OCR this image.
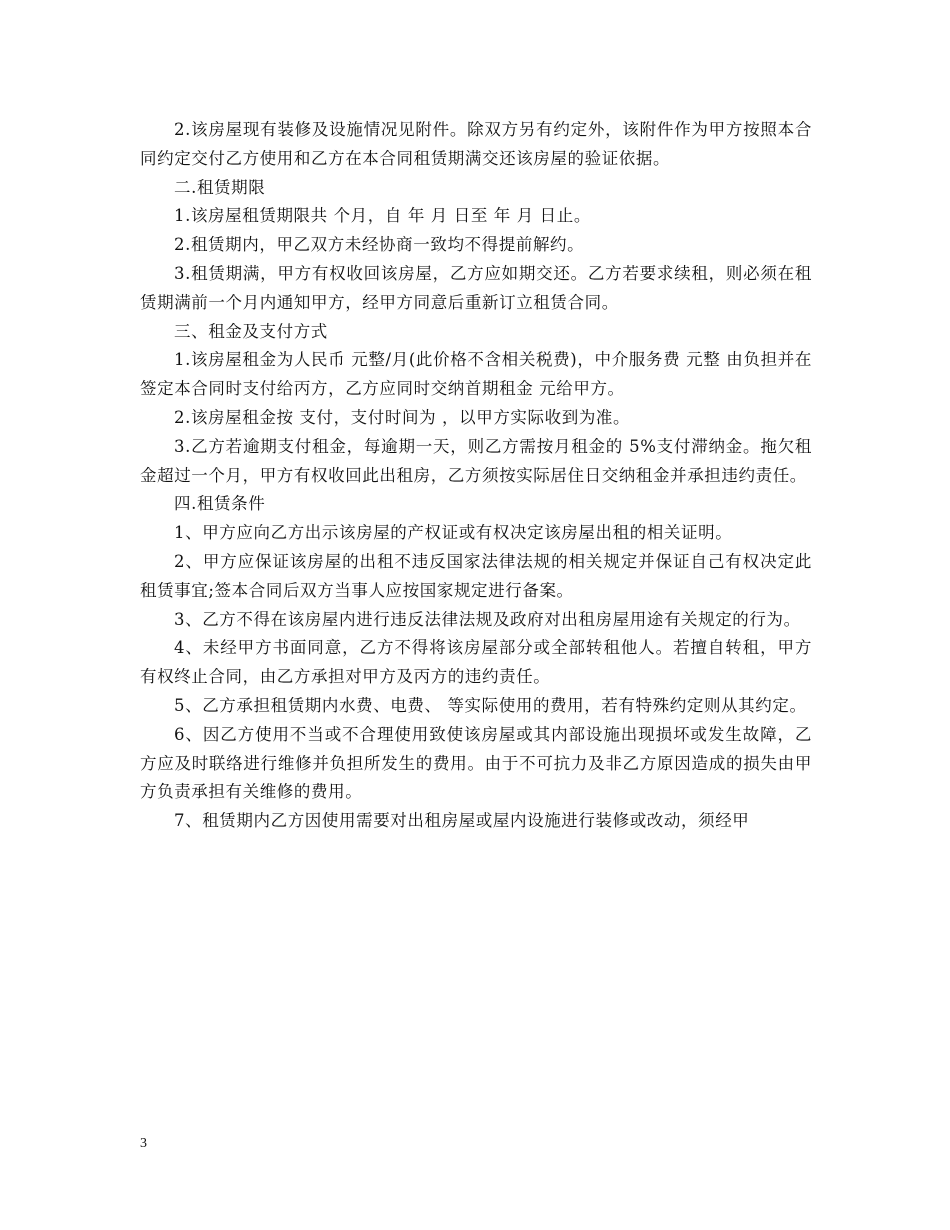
2.该房屋现有装修及设施情况见附件。除双方另有约定外，该附件作为甲方按照本合同约定交付乙方使用和乙方在本合同租赁期满交还该房屋的验证依据。

二.租赁期限

1.该房屋租赁期限共 个月，自 年 月 日至 年 月 日止。

2.租赁期内，甲乙双方未经协商一致均不得提前解约。

3.租赁期满，甲方有权收回该房屋，乙方应如期交还。乙方若要求续租，则必须在租赁期满前一个月内通知甲方，经甲方同意后重新订立租赁合同。

三、租金及支付方式

1.该房屋租金为人民币 元整/月(此价格不含相关税费)，中介服务费 元整 由负担并在签定本合同时支付给丙方，乙方应同时交纳首期租金 元给甲方。

2.该房屋租金按 支付，支付时间为 ，以甲方实际收到为准。

3.乙方若逾期支付租金，每逾期一天，则乙方需按月租金的 5%支付滞纳金。拖欠租金超过一个月，甲方有权收回此出租房，乙方须按实际居住日交纳租金并承担违约责任。

四.租赁条件

1、甲方应向乙方出示该房屋的产权证或有权决定该房屋出租的相关证明。

2、甲方应保证该房屋的出租不违反国家法律法规的相关规定并保证自己有权决定此租赁事宜;签本合同后双方当事人应按国家规定进行备案。

3、乙方不得在该房屋内进行违反法律法规及政府对出租房屋用途有关规定的行为。

4、未经甲方书面同意，乙方不得将该房屋部分或全部转租他人。若擅自转租，甲方有权终止合同，由乙方承担对甲方及丙方的违约责任。

5、乙方承担租赁期内水费、电费、 等实际使用的费用，若有特殊约定则从其约定。

6、因乙方使用不当或不合理使用致使该房屋或其内部设施出现损坏或发生故障，乙方应及时联络进行维修并负担所发生的费用。由于不可抗力及非乙方原因造成的损失由甲方负责承担有关维修的费用。

7、租赁期内乙方因使用需要对出租房屋或屋内设施进行装修或改动，须经甲

3
